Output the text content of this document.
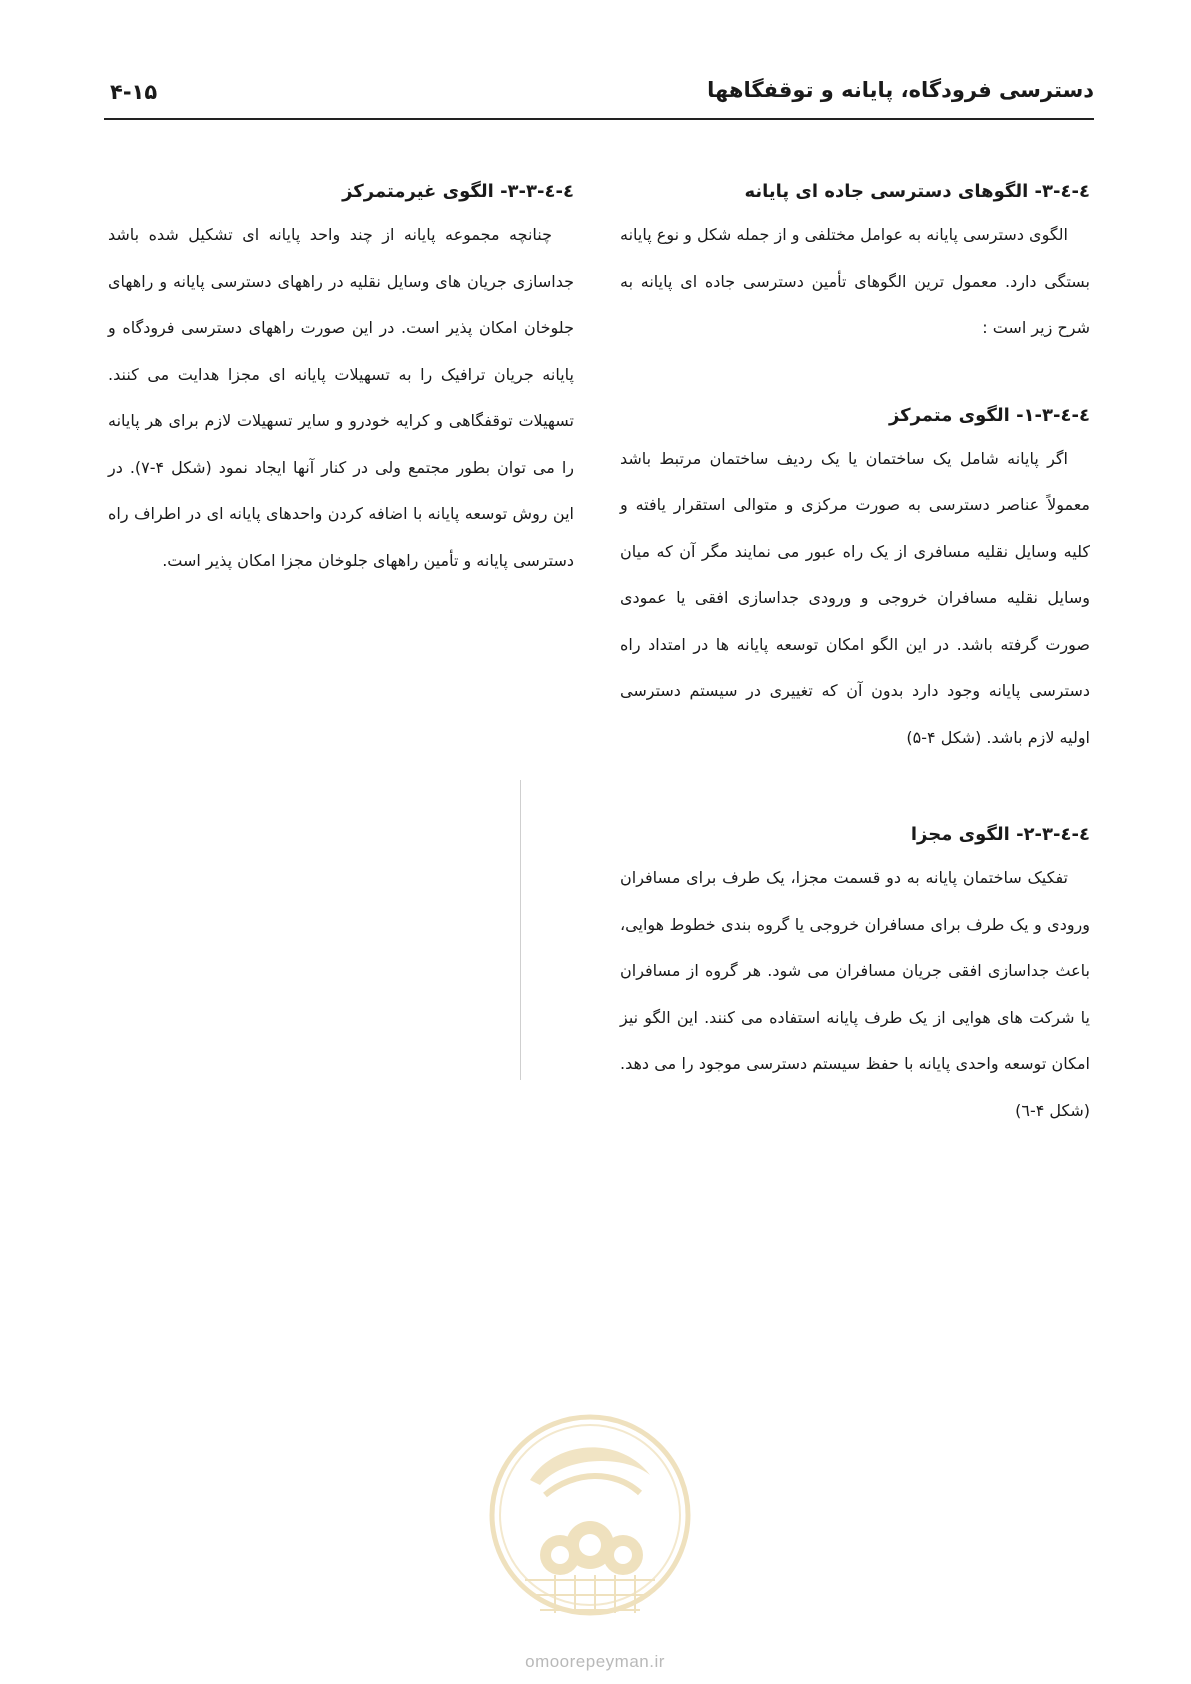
دسترسی فرودگاه، پایانه و توقفگاهها
۴-۱۵
٤-٤-٣- الگوهای دسترسی جاده ای پایانه

الگوی دسترسی پایانه به عوامل مختلفی و از جمله شکل و نوع پایانه بستگی دارد. معمول ترین الگوهای تأمین دسترسی جاده ای پایانه به شرح زیر است :

٤-٤-٣-١- الگوی متمرکز

اگر پایانه شامل یک ساختمان یا یک ردیف ساختمان مرتبط باشد معمولاً عناصر دسترسی به صورت مرکزی و متوالی استقرار یافته و کلیه وسایل نقلیه مسافری از یک راه عبور می نمایند مگر آن که میان وسایل نقلیه مسافران خروجی و ورودی جداسازی افقی یا عمودی صورت گرفته باشد. در این الگو امکان توسعه پایانه ها در امتداد راه دسترسی پایانه وجود دارد بدون آن که تغییری در سیستم دسترسی اولیه لازم باشد. (شکل ۴-۵)

٤-٤-٣-٢- الگوی مجزا

تفکیک ساختمان پایانه به دو قسمت مجزا، یک طرف برای مسافران ورودی و یک طرف برای مسافران خروجی یا گروه بندی خطوط هوایی، باعث جداسازی افقی جریان مسافران می شود. هر گروه از مسافران یا شرکت های هوایی از یک طرف پایانه استفاده می کنند. این الگو نیز امکان توسعه واحدی پایانه با حفظ سیستم دسترسی موجود را می دهد. (شکل ۴-٦)

٤-٤-٣-٣- الگوی غیرمتمرکز

چنانچه مجموعه پایانه از چند واحد پایانه ای تشکیل شده باشد جداسازی جریان های وسایل نقلیه در راههای دسترسی پایانه و راههای جلوخان امکان پذیر است. در این صورت راههای دسترسی فرودگاه و پایانه جریان ترافیک را به تسهیلات پایانه ای مجزا هدایت می کنند. تسهیلات توقفگاهی و کرایه خودرو و سایر تسهیلات لازم برای هر پایانه را می توان بطور مجتمع ولی در کنار آنها ایجاد نمود (شکل ۴-۷). در این روش توسعه پایانه با اضافه کردن واحدهای پایانه ای در اطراف راه دسترسی پایانه و تأمین راههای جلوخان مجزا امکان پذیر است.

omoorepeyman.ir
